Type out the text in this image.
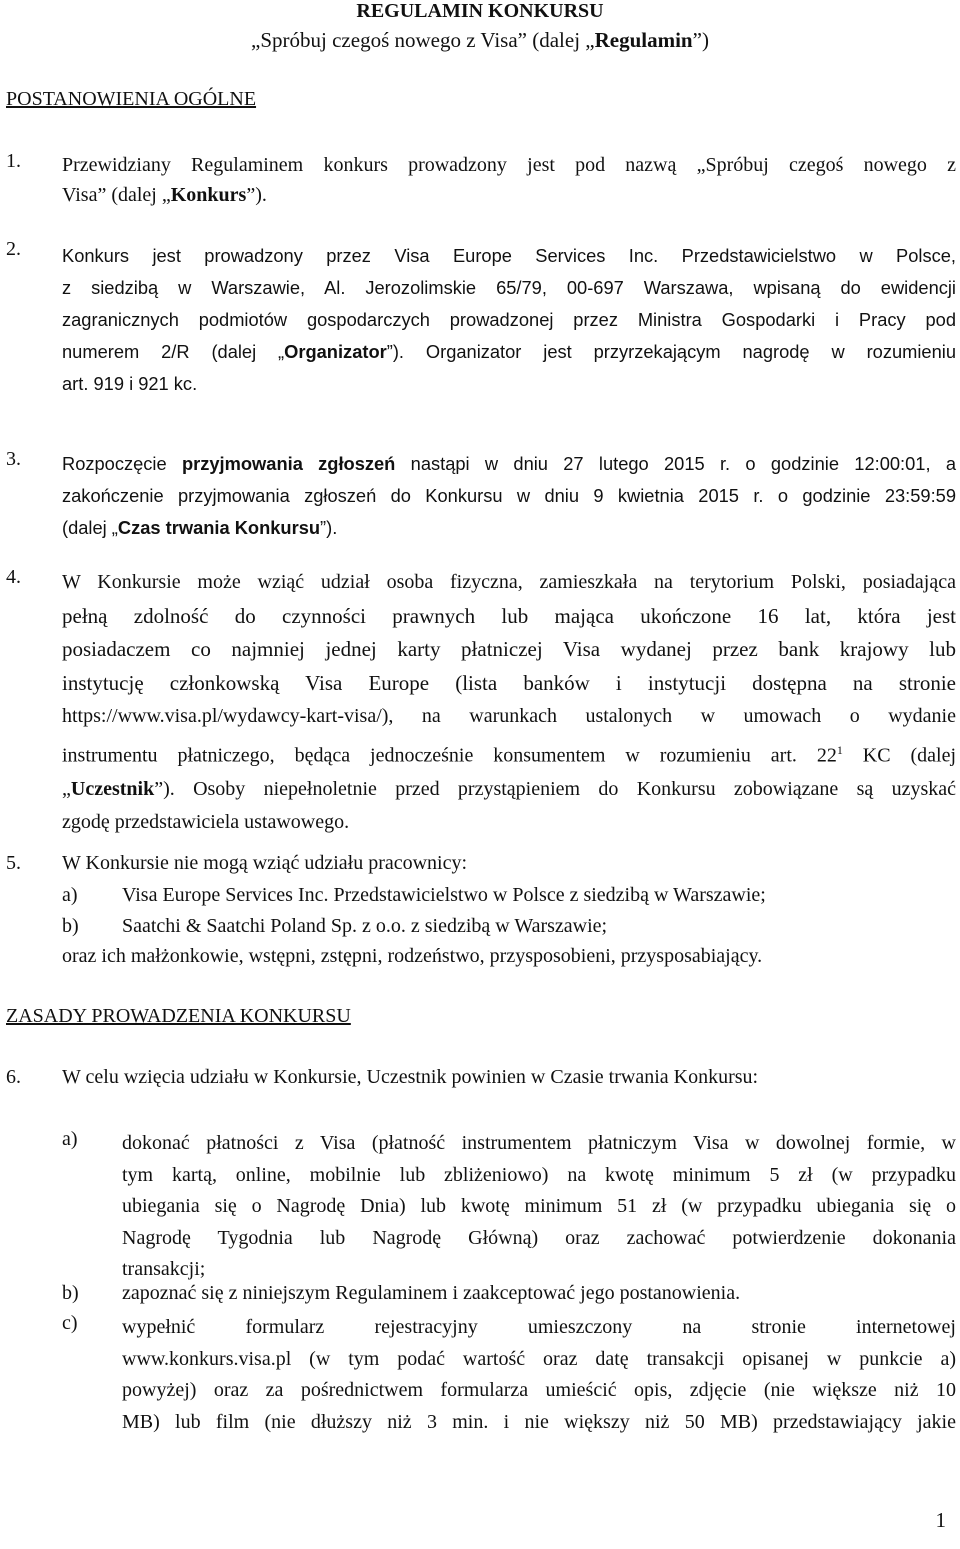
REGULAMIN KONKURSU
„Spróbuj czegoś nowego z Visa” (dalej „Regulamin”)
POSTANOWIENIA OGÓLNE
1.	Przewidziany Regulaminem konkurs prowadzony jest pod nazwą „Spróbuj czegoś nowego z
Visa” (dalej „Konkurs”).
2.	Konkurs jest prowadzony przez Visa Europe Services Inc. Przedstawicielstwo w Polsce,
z siedzibą w Warszawie, Al. Jerozolimskie 65/79, 00-697 Warszawa, wpisaną do ewidencji
zagranicznych podmiotów gospodarczych prowadzonej przez Ministra Gospodarki i Pracy pod
numerem 2/R (dalej „Organizator”). Organizator jest przyrzekającym nagrodę w rozumieniu
art. 919 i 921 kc.
3.	Rozpoczęcie przyjmowania zgłoszeń nastąpi w dniu 27 lutego 2015 r. o godzinie 12:00:01, a
zakończenie przyjmowania zgłoszeń do Konkursu w dniu 9 kwietnia 2015 r. o godzinie 23:59:59
(dalej „Czas trwania Konkursu”).
4.	W Konkursie może wziąć udział osoba fizyczna, zamieszkała na terytorium Polski, posiadająca
pełną zdolność do czynności prawnych lub mająca ukończone 16 lat, która jest
posiadaczem co najmniej jednej karty płatniczej Visa wydanej przez bank krajowy lub
instytucję członkowską Visa Europe (lista banków i instytucji dostępna na stronie
https://www.visa.pl/wydawcy-kart-visa/), na warunkach ustalonych w umowach o wydanie
instrumentu płatniczego, będąca jednocześnie konsumentem w rozumieniu art. $22^1$ KC (dalej
„Uczestnik”). Osoby niepełnoletnie przed przystąpieniem do Konkursu zobowiązane są uzyskać
zgodę przedstawiciela ustawowego.
5.	W Konkursie nie mogą wziąć udziału pracownicy:
a)	Visa Europe Services Inc. Przedstawicielstwo w Polsce z siedzibą w Warszawie;
b)	Saatchi & Saatchi Poland Sp. z o.o. z siedzibą w Warszawie;
oraz ich małżonkowie, wstępni, zstępni, rodzeństwo, przysposobieni, przysposabiający.
ZASADY PROWADZENIA KONKURSU
6.	W celu wzięcia udziału w Konkursie, Uczestnik powinien w Czasie trwania Konkursu:
a)	dokonać płatności z Visa (płatność instrumentem płatniczym Visa w dowolnej formie, w
tym kartą, online, mobilnie lub zbliżeniowo) na kwotę minimum 5 zł (w przypadku
ubiegania się o Nagrodę Dnia) lub kwotę minimum 51 zł (w przypadku ubiegania się o
Nagrodę Tygodnia lub Nagrodę Główną) oraz zachować potwierdzenie dokonania
transakcji;
b)	zapoznać się z niniejszym Regulaminem i zaakceptować jego postanowienia.
c)	wypełnić formularz rejestracyjny umieszczony na stronie internetowej
www.konkurs.visa.pl (w tym podać wartość oraz datę transakcji opisanej w punkcie a)
powyżej) oraz za pośrednictwem formularza umieścić opis, zdjęcie (nie większe niż 10
MB) lub film (nie dłuższy niż 3 min. i nie większy niż 50 MB) przedstawiający jakie
1
